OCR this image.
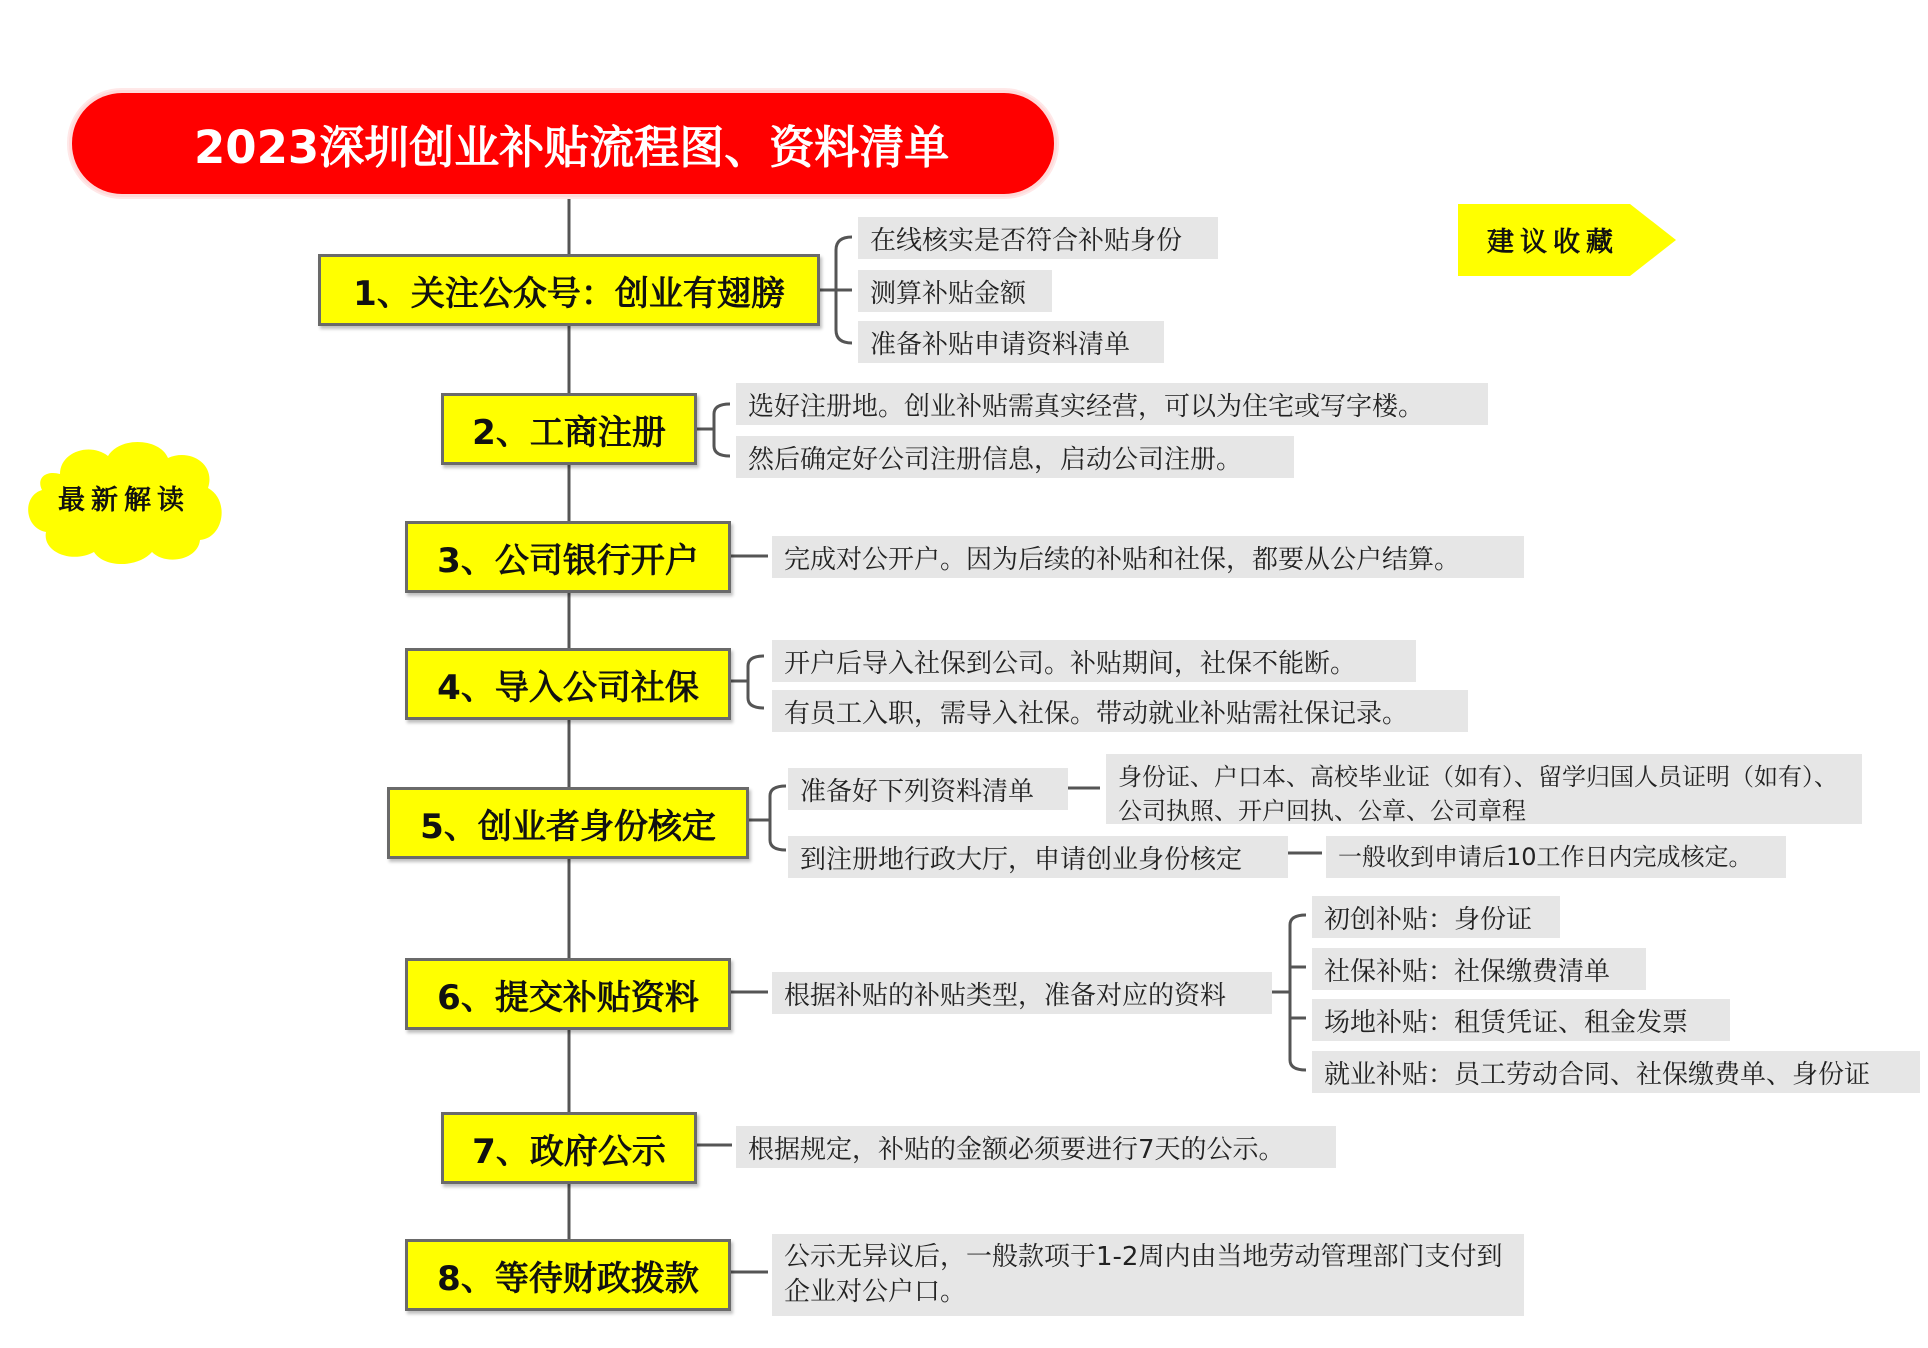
2023深圳创业补贴流程图、资料清单
最新解读
建议收藏
1、关注公众号：创业有翅膀
在线核实是否符合补贴身份
测算补贴金额
准备补贴申请资料清单
2、工商注册
选好注册地。创业补贴需真实经营，可以为住宅或写字楼。
然后确定好公司注册信息，启动公司注册。
3、公司银行开户	完成对公开户。因为后续的补贴和社保，都要从公户结算。
4、导入公司社保
开户后导入社保到公司。补贴期间，社保不能断。
有员工入职，需导入社保。带动就业补贴需社保记录。
5、创业者身份核定
准备好下列资料清单	身份证、户口本、高校毕业证（如有）、留学归国人员证明（如有）、公司执照、开户回执、公章、公司章程
到注册地行政大厅，申请创业身份核定	一般收到申请后10工作日内完成核定。
6、提交补贴资料	根据补贴的补贴类型，准备对应的资料
初创补贴：身份证
社保补贴：社保缴费清单
场地补贴：租赁凭证、租金发票
就业补贴：员工劳动合同、社保缴费单、身份证
7、政府公示	根据规定，补贴的金额必须要进行7天的公示。
8、等待财政拨款
公示无异议后，一般款项于1-2周内由当地劳动管理部门支付到企业对公户口。
